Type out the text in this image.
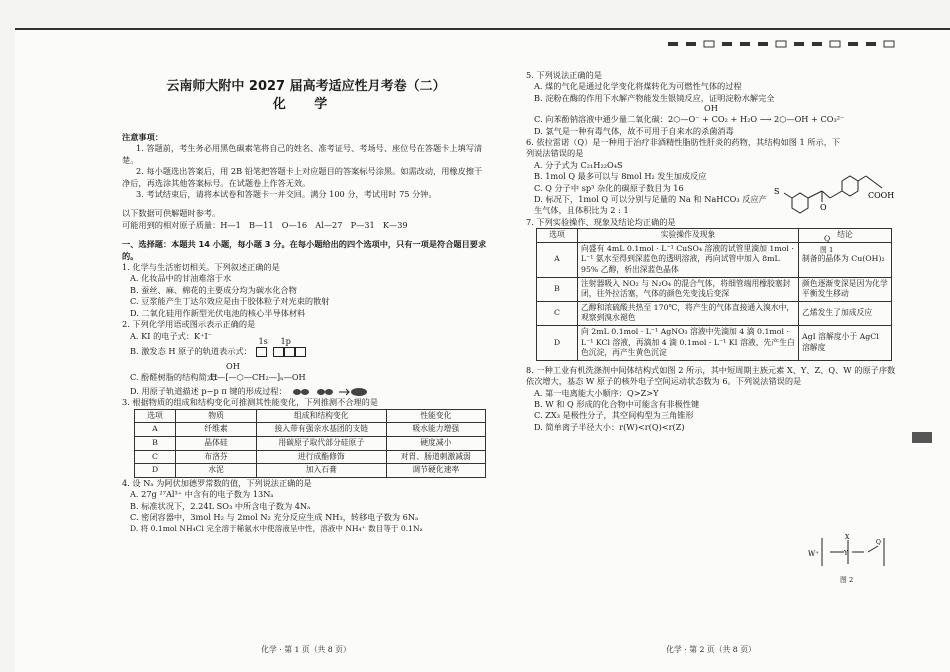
云南师大附中 2027 届高考适应性月考卷（二）
化 学
注意事项：
1. 答题前，考生务必用黑色碳素笔将自己的姓名、准考证号、考场号、座位号在答题卡上填写清楚。
2. 每小题选出答案后，用 2B 铅笔把答题卡上对应题目的答案标号涂黑。如需改动，用橡皮擦干净后，再选涂其他答案标号。在试题卷上作答无效。
3. 考试结束后，请将本试卷和答题卡一并交回。满分 100 分，考试用时 75 分钟。
以下数据可供解题时参考。
可能用到的相对原子质量：H—1　B—11　O—16　Al—27　P—31　K—39
一、选择题：本题共 14 小题，每小题 3 分。在每小题给出的四个选项中，只有一项是符合题目要求的。
1. 化学与生活密切相关。下列叙述正确的是
A. 化妆品中的甘油难溶于水
B. 蚕丝、麻、棉花的主要成分均为碳水化合物
C. 豆浆能产生丁达尔效应是由于胶体粒子对光束的散射
D. 二氧化硅用作新型光伏电池的核心半导体材料
2. 下列化学用语或图示表示正确的是
A. KI 的电子式：K⁺I⁻
B. 激发态 H 原子的轨道表示式：
1s 1p
C. 酚醛树脂的结构简式：
OH
H—[—⬡—CH₂—]ₙ—OH
D. 用原子轨道描述 p−p π 键的形成过程：
3. 根据物质的组成和结构变化可推测其性能变化，下列推测不合理的是
选项	物质	组成和结构变化	性能变化
A	纤维素	接入带有强亲水基团的支链	吸水能力增强
B	晶体硅	用碳原子取代部分硅原子	硬度减小
C	布洛芬	进行成酯修饰	对胃、肠道刺激减弱
D	水泥	加入石膏	调节硬化速率
4. 设 Nₐ 为阿伏加德罗常数的值，下列说法正确的是
A. 27g ²⁷Al³⁺ 中含有的电子数为 13Nₐ
B. 标准状况下，2.24L SO₃ 中所含电子数为 4Nₐ
C. 密闭容器中，3mol H₂ 与 2mol N₂ 充分反应生成 NH₃，转移电子数为 6Nₐ
D. 将 0.1mol NH₄Cl 完全溶于稀氨水中使溶液呈中性，溶液中 NH₄⁺ 数目等于 0.1Nₐ
化学 · 第 1 页（共 8 页）
5. 下列说法正确的是
A. 煤的气化是通过化学变化将煤转化为可燃性气体的过程
B. 淀粉在酶的作用下水解产物能发生银镜反应，证明淀粉水解完全
OH
C. 向苯酚钠溶液中通少量二氧化碳：2⬡—O⁻ + CO₂ + H₂O ⟶ 2⬡—OH + CO₃²⁻
D. 氯气是一种有毒气体，故不可用于自来水的杀菌消毒
6. 依拉雷诺（Q）是一种用于治疗非酒精性脂肪性肝炎的药物，其结构如图 1 所示，下列说法错误的是
A. 分子式为 C₂₁H₂₂O₄S
B. 1mol Q 最多可以与 8mol H₂ 发生加成反应
C. Q 分子中 sp³ 杂化的碳原子数目为 16
D. 标况下，1mol Q 可以分别与足量的 Na 和 NaHCO₃ 反应产生气体，且体积比为 2 : 1
7. 下列实验操作、现象及结论均正确的是
选项	实验操作及现象	结论
A	向盛有 4mL 0.1mol · L⁻¹ CuSO₄ 溶液的试管里滴加 1mol · L⁻¹ 氨水至得到深蓝色的透明溶液，再向试管中加入 8mL 95% 乙醇，析出深蓝色晶体	制备的晶体为 Cu(OH)₂
B	注射器吸入 NO₂ 与 N₂O₄ 的混合气体，将细管端用橡胶塞封闭，往外拉活塞，气体的颜色先变浅后变深	颜色逐渐变深是因为化学平衡发生移动
C	乙醇和浓硫酸共热至 170℃，将产生的气体直接通入溴水中，观察到溴水褪色	乙烯发生了加成反应
D	向 2mL 0.1mol · L⁻¹ AgNO₃ 溶液中先滴加 4 滴 0.1mol · L⁻¹ KCl 溶液，再滴加 4 滴 0.1mol · L⁻¹ KI 溶液，先产生白色沉淀，再产生黄色沉淀	AgI 溶解度小于 AgCl 溶解度
8. 一种工业有机洗涤剂中间体结构式如图 2 所示，其中短周期主族元素 X、Y、Z、Q、W 的原子序数依次增大，基态 W 原子的核外电子空间运动状态数为 6。下列说法错误的是
A. 第一电离能大小顺序：Q>Z>Y
B. W 和 Q 形成的化合物中可能含有非极性键
C. ZX₃ 是极性分子，其空间构型为三角锥形
D. 简单离子半径大小：r(W)<r(Q)<r(Z)
化学 · 第 2 页（共 8 页）
S
O
COOH
Q
图 1
W⁺
X
Y
Q
图 2
